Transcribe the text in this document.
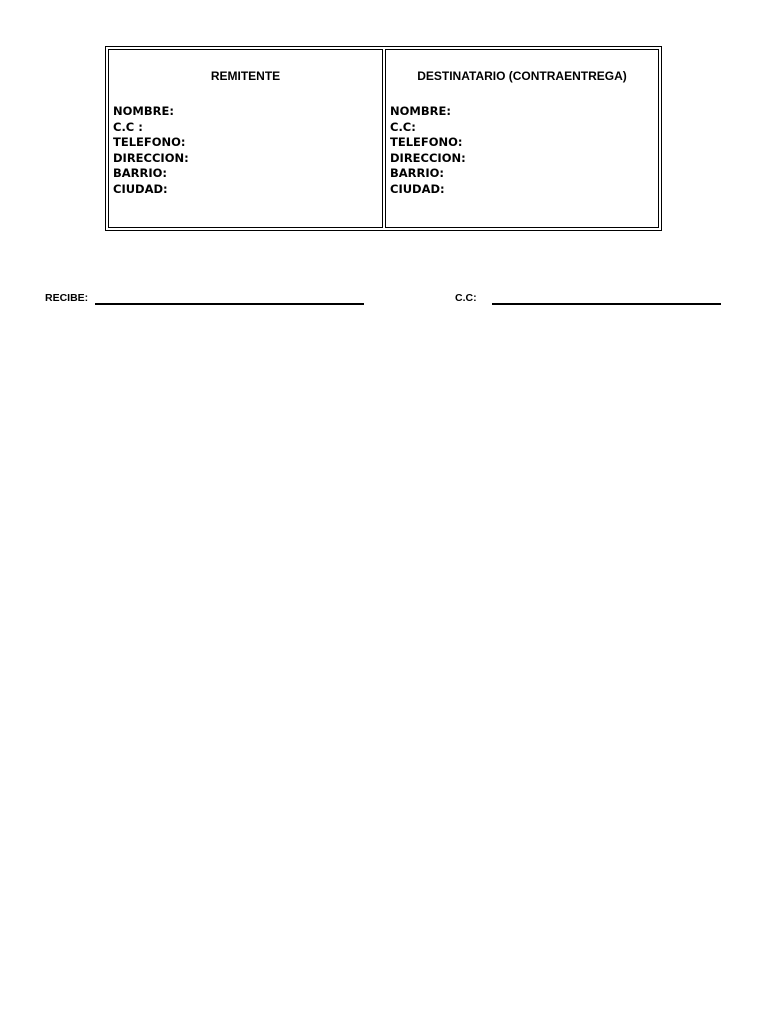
REMITENTE
NOMBRE:
C.C :
TELEFONO:
DIRECCION:
BARRIO:
CIUDAD:
DESTINATARIO (CONTRAENTREGA)
NOMBRE:
C.C:
TELEFONO:
DIRECCION:
BARRIO:
CIUDAD:
RECIBE:	C.C:
